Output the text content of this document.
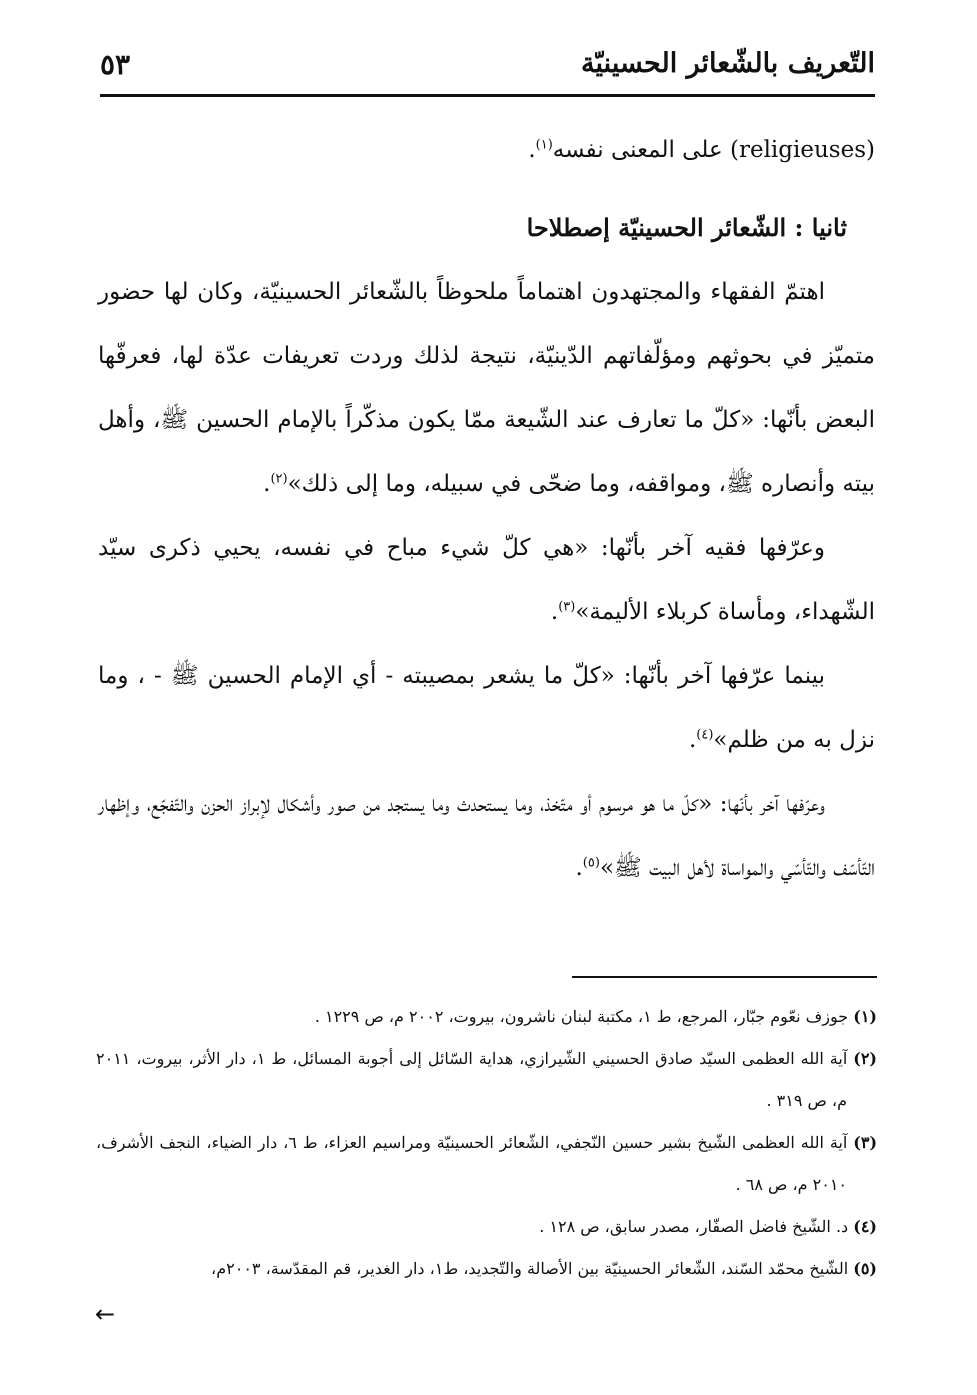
التّعريف بالشّعائر الحسينيّة
٥٣

(religieuses) على المعنى نفسه$^{(١)}$.

ثانيا : الشّعائر الحسينيّة إصطلاحا

اهتمّ الفقهاء والمجتهدون اهتماماً ملحوظاً بالشّعائر الحسينيّة، وكان لها حضور متميّز في بحوثهم ومؤلّفاتهم الدّينيّة، نتيجة لذلك وردت تعريفات عدّة لها، فعرفّها البعض بأنّها: «كلّ ما تعارف عند الشّيعة ممّا يكون مذكّراً بالإمام الحسين ﷺ، وأهل بيته وأنصاره ﷺ، ومواقفه، وما ضحّى في سبيله، وما إلى ذلك»$^{(٢)}$.

وعرّفها فقيه آخر بأنّها: «هي كلّ شيء مباح في نفسه، يحيي ذكرى سيّد الشّهداء، ومأساة كربلاء الأليمة»$^{(٣)}$.

بينما عرّفها آخر بأنّها: «كلّ ما يشعر بمصيبته - أي الإمام الحسين ﷺ - ، وما نزل به من ظلم»$^{(٤)}$.

وعرّفها آخر بأنّها: «كلّ ما هو مرسوم أو متّخذ، وما يستحدث وما يستجد من صور وأشكال لإبراز الحزن والتّفجّع، وإظهار التّأسّف والتّأسّي والمواساة لأهل البيت ﷺ»$^{(٥)}$.

(١) جوزف نعّوم جبّار، المرجع، ط ١، مكتبة لبنان ناشرون، بيروت، ٢٠٠٢ م، ص ١٢٢٩ .

(٢) آية الله العظمى السيّد صادق الحسيني الشّيرازي، هداية السّائل إلى أجوبة المسائل، ط ١، دار الأثر، بيروت، ٢٠١١ م، ص ٣١٩ .

(٣) آية الله العظمى الشّيخ بشير حسين النّجفي، الشّعائر الحسينيّة ومراسيم العزاء، ط ٦، دار الضياء، النجف الأشرف، ٢٠١٠ م، ص ٦٨ .

(٤) د. الشّيخ فاضل الصفّار، مصدر سابق، ص ١٢٨ .

(٥) الشّيخ محمّد السّند، الشّعائر الحسينيّة بين الأصالة والتّجديد، ط١، دار الغدير، قم المقدّسة، ٢٠٠٣م،

←
